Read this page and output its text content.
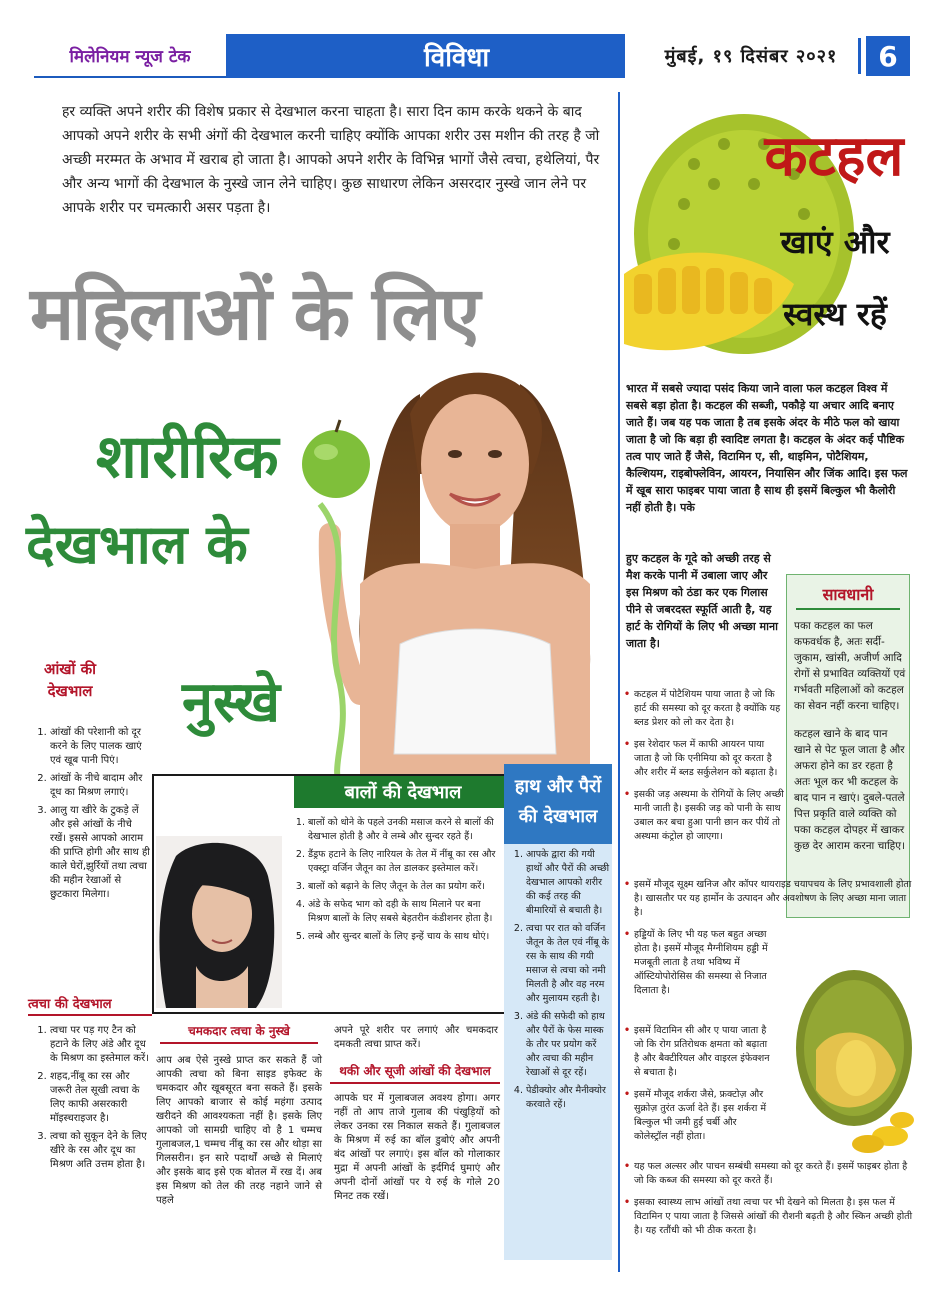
मिलेनियम न्यूज टेक	विविधा	मुंबई, १९ दिसंबर २०२१	6

हर व्यक्ति अपने शरीर की विशेष प्रकार से देखभाल करना चाहता है। सारा दिन काम करके थकने के बाद आपको अपने शरीर के सभी अंगों की देखभाल करनी चाहिए क्योंकि आपका शरीर उस मशीन की तरह है जो अच्छी मरम्मत के अभाव में खराब हो जाता है। आपको अपने शरीर के विभिन्न भागों जैसे त्वचा, हथेलियां, पैर और अन्य भागों की देखभाल के नुस्खे जान लेने चाहिए। कुछ साधारण लेकिन असरदार नुस्खे जान लेने पर आपके शरीर पर चमत्कारी असर पड़ता है।

महिलाओं के लिए
शारीरिक
देखभाल के
नुस्खे
आंखों की देखभाल
1. आंखों की परेशानी को दूर करने के लिए पालक खाएं एवं खूब पानी पिएं।
2. आंखों के नीचे बादाम और दूध का मिश्रण लगाएं।
3. आलु या खीरे के टुकड़े लें और इसे आंखों के नीचे रखें। इससे आपको आराम की प्राप्ति होगी और साथ ही काले घेरों,झुर्रियों तथा त्वचा की महीन रेखाओं से छुटकारा मिलेगा।
त्वचा की देखभाल
1. त्वचा पर पड़ गए टैन को हटाने के लिए अंडे और दूध के मिश्रण का इस्तेमाल करें।
2. शहद,नींबू का रस और जरूरी तेल सूखी त्वचा के लिए काफी असरकारी मॉइस्चराइजर है।
3. त्वचा को सुकून देने के लिए खीरे के रस और दूध का मिश्रण अति उत्तम होता है।
बालों की देखभाल
1. बालों को धोने के पहले उनकी मसाज करने से बालों की देखभाल होती है और वे लम्बे और सुन्दर रहते हैं।
2. डैंड्रफ हटाने के लिए नारियल के तेल में नींबू का रस और एक्स्ट्रा वर्जिन जैतून का तेल डालकर इस्तेमाल करें।
3. बालों को बढ़ाने के लिए जैतून के तेल का प्रयोग करें।
4. अंडे के सफेद भाग को दही के साथ मिलाने पर बना मिश्रण बालों के लिए सबसे बेहतरीन कंडीशनर होता है।
5. लम्बे और सुन्दर बालों के लिए इन्हें चाय के साथ धोएं।
चमकदार त्वचा के नुस्खे

आप अब ऐसे नुस्खे प्राप्त कर सकते हैं जो आपकी त्वचा को बिना साइड इफेक्ट के चमकदार और खूबसूरत बना सकते हैं। इसके लिए आपको बाजार से कोई महंगा उत्पाद खरीदने की आवश्यकता नहीं है। इसके लिए आपको जो सामग्री चाहिए वो है 1 चम्मच गुलाबजल,1 चम्मच नींबू का रस और थोड़ा सा गिलसरीन। इन सारे पदार्थों अच्छे से मिलाएं और इसके बाद इसे एक बोतल में रख दें। अब इस मिश्रण को तेल की तरह नहाने जाने से पहले

अपने पूरे शरीर पर लगाएं और चमकदार दमकती त्वचा प्राप्त करें।

थकी और सूजी आंखों की देखभाल

आपके घर में गुलाबजल अवश्य होगा। अगर नहीं तो आप ताजे गुलाब की पंखुड़ियों को लेकर उनका रस निकाल सकते हैं। गुलाबजल के मिश्रण में रुई का बॉल डुबोएं और अपनी बंद आंखों पर लगाएं। इस बॉल को गोलाकार मुद्रा में अपनी आंखों के इर्दगिर्द घुमाएं और अपनी दोनों आंखों पर ये रुई के गोले 20 मिनट तक रखें।

हाथ और पैरों की देखभाल
1. आपके द्वारा की गयी हाथों और पैरों की अच्छी देखभाल आपको शरीर की कई तरह की बीमारियों से बचाती है।
2. त्वचा पर रात को वर्जिन जैतून के तेल एवं नींबू के रस के साथ की गयी मसाज से त्वचा को नमी मिलती है और वह नरम और मुलायम रहती है।
3. अंडे की सफेदी को हाथ और पैरों के फेस मास्क के तौर पर प्रयोग करें और त्वचा की महीन रेखाओं से दूर रहें।
4. पेडीक्योर और मैनीक्योर करवाते रहें।
कटहल
खाएं और
स्वस्थ रहें

भारत में सबसे ज्यादा पसंद किया जाने वाला फल कटहल विश्व में सबसे बड़ा होता है। कटहल की सब्जी, पकौड़े या अचार आदि बनाए जाते हैं। जब यह पक जाता है तब इसके अंदर के मीठे फल को खाया जाता है जो कि बड़ा ही स्वादिष्ट लगता है। कटहल के अंदर कई पौष्टिक तत्व पाए जाते हैं जैसे, विटामिन ए, सी, थाइमिन, पोटैशियम, कैल्शियम, राइबोफ्लेविन, आयरन, नियासिन और जिंक आदि। इस फल में खूब सारा फाइबर पाया जाता है साथ ही इसमें बिल्कुल भी कैलोरी नहीं होती है। पके

हुए कटहल के गूदे को अच्छी तरह से मैश करके पानी में उबाला जाए और इस मिश्रण को ठंडा कर एक गिलास पीने से जबरदस्त स्फूर्ति आती है, यह हार्ट के रोगियों के लिए भी अच्छा माना जाता है।

सावधानी

पका कटहल का फल कफवर्धक है, अतः सर्दी-जुकाम, खांसी, अजीर्ण आदि रोगों से प्रभावित व्यक्तियों एवं गर्भवती महिलाओं को कटहल का सेवन नहीं करना चाहिए।

कटहल खाने के बाद पान खाने से पेट फूल जाता है और अफरा होने का डर रहता है अतः भूल कर भी कटहल के बाद पान न खाएं। दुबले-पतले पित्त प्रकृति वाले व्यक्ति को पका कटहल दोपहर में खाकर कुछ देर आराम करना चाहिए।

• कटहल में पोटैशियम पाया जाता है जो कि हार्ट की समस्या को दूर करता है क्योंकि यह ब्लड प्रेशर को लो कर देता है।
• इस रेशेदार फल में काफी आयरन पाया जाता है जो कि एनीमिया को दूर करता है और शरीर में ब्लड सर्कुलेशन को बढ़ाता है।
• इसकी जड़ अस्थमा के रोगियों के लिए अच्छी मानी जाती है। इसकी जड़ को पानी के साथ उबाल कर बचा हुआ पानी छान कर पीयें तो अस्थमा कंट्रोल हो जाएगा।
• इसमें मौजूद सूक्ष्म खनिज और कॉपर थायराइड चयापचय के लिए प्रभावशाली होता है। खासतौर पर यह हार्मोन के उत्पादन और अवशोषण के लिए अच्छा माना जाता है।
• हड्डियों के लिए भी यह फल बहुत अच्छा होता है। इसमें मौजूद मैग्नीशियम हड्डी में मजबूती लाता है तथा भविष्य में ऑस्टियोपोरोसिस की समस्या से निजात दिलाता है।
• इसमें विटामिन सी और ए पाया जाता है जो कि रोग प्रतिरोधक क्षमता को बढ़ाता है और बैक्टीरियल और वाइरल इंफेक्शन से बचाता है।
• इसमें मौजूद शर्करा जैसे, फ्रक्टोज़ और सुक्रोज़ तुरंत ऊर्जा देते हैं। इस शर्करा में बिल्कुल भी जमी हुई चर्बी और कोलेस्ट्रॉल नहीं होता।
• यह फल अल्सर और पाचन सम्बंधी समस्या को दूर करते हैं। इसमें फाइबर होता है जो कि कब्ज की समस्या को दूर करते हैं।
• इसका स्वास्थ्य लाभ आंखों तथा त्वचा पर भी देखने को मिलता है। इस फल में विटामिन ए पाया जाता है जिससे आंखों की रौशनी बढ़ती है और स्किन अच्छी होती है। यह रतौंधी को भी ठीक करता है।
